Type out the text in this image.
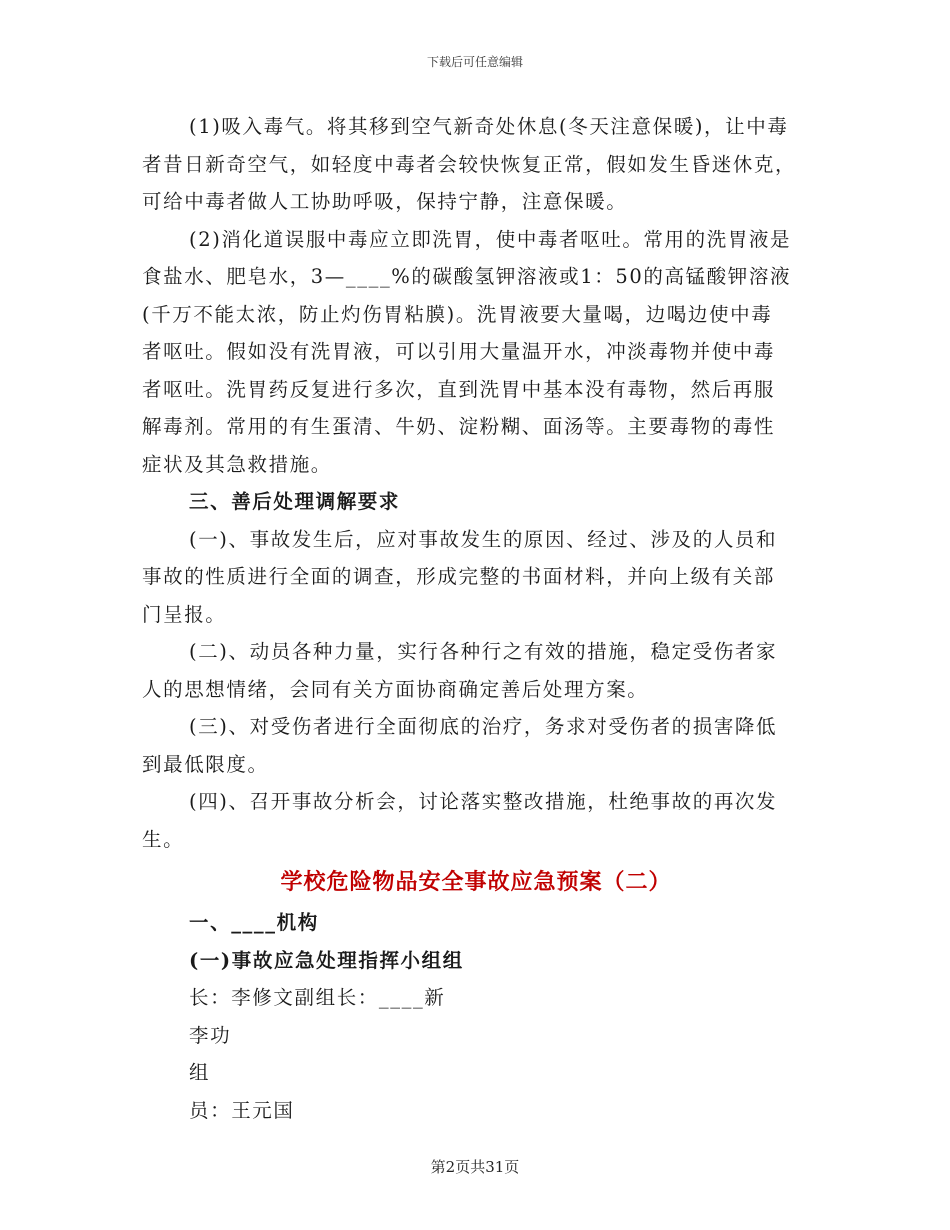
下载后可任意编辑
(1)吸入毒气。将其移到空气新奇处休息(冬天注意保暖)，让中毒
者昔日新奇空气，如轻度中毒者会较快恢复正常，假如发生昏迷休克，
可给中毒者做人工协助呼吸，保持宁静，注意保暖。
(2)消化道误服中毒应立即洗胃，使中毒者呕吐。常用的洗胃液是
食盐水、肥皂水，3—____%的碳酸氢钾溶液或1：50的高锰酸钾溶液
(千万不能太浓，防止灼伤胃粘膜)。洗胃液要大量喝，边喝边使中毒
者呕吐。假如没有洗胃液，可以引用大量温开水，冲淡毒物并使中毒
者呕吐。洗胃药反复进行多次，直到洗胃中基本没有毒物，然后再服
解毒剂。常用的有生蛋清、牛奶、淀粉糊、面汤等。主要毒物的毒性
症状及其急救措施。
三、善后处理调解要求
(一)、事故发生后，应对事故发生的原因、经过、涉及的人员和
事故的性质进行全面的调查，形成完整的书面材料，并向上级有关部
门呈报。
(二)、动员各种力量，实行各种行之有效的措施，稳定受伤者家
人的思想情绪，会同有关方面协商确定善后处理方案。
(三)、对受伤者进行全面彻底的治疗，务求对受伤者的损害降低
到最低限度。
(四)、召开事故分析会，讨论落实整改措施，杜绝事故的再次发
生。
学校危险物品安全事故应急预案（二）
一、____机构
(一)事故应急处理指挥小组组
长：李修文副组长：____新
李功
组
员：王元国
第2页共31页
